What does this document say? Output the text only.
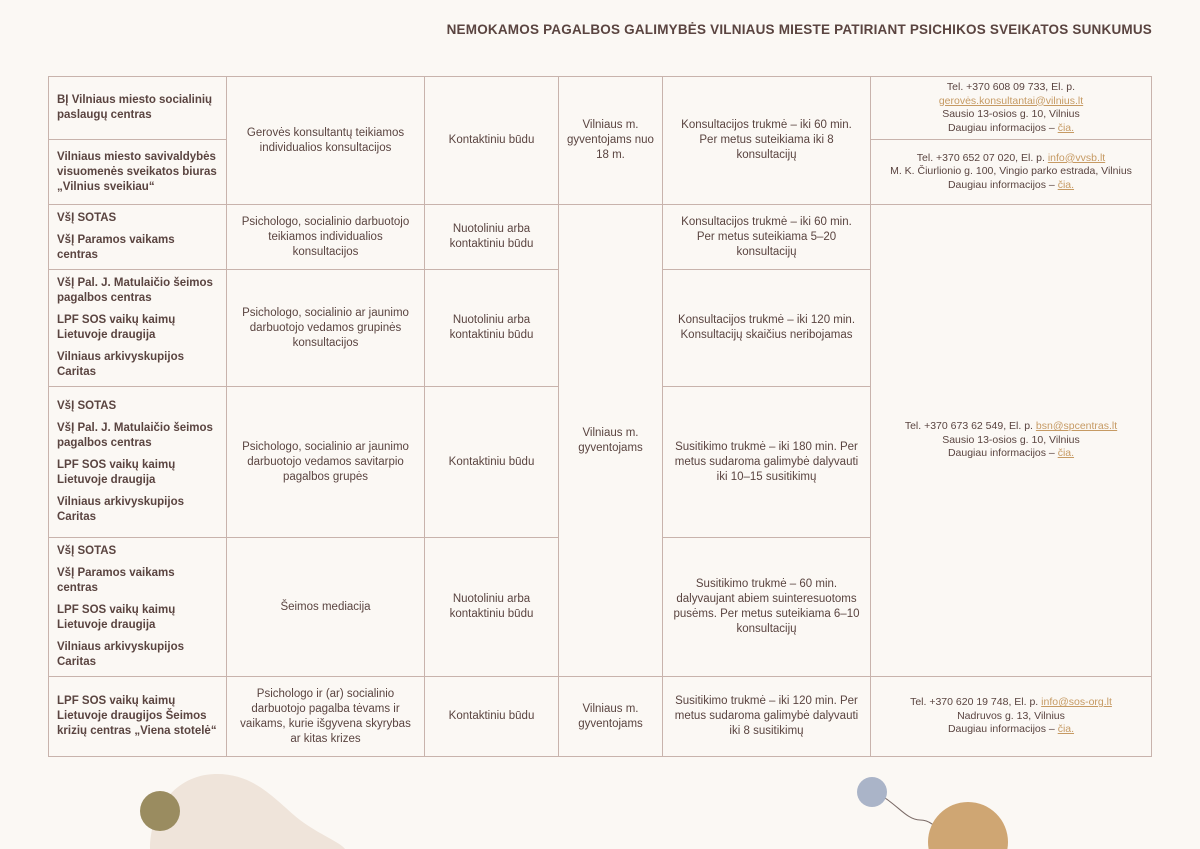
NEMOKAMOS PAGALBOS GALIMYBĖS VILNIAUS MIESTE PATIRIANT PSICHIKOS SVEIKATOS SUNKUMUS
BĮ Vilniaus miesto socialinių paslaugų centras	Gerovės konsultantų teikiamos individualios konsultacijos	Kontaktiniu būdu	Vilniaus m. gyventojams nuo 18 m.	Konsultacijos trukmė – iki 60 min. Per metus suteikiama iki 8 konsultacijų	Tel. +370 608 09 733, El. p. gerovės.konsultantai@vilnius.lt
Sausio 13-osios g. 10, Vilnius
Daugiau informacijos – čia.

Vilniaus miesto savivaldybės visuomenės sveikatos biuras „Vilnius sveikiau“					Tel. +370 652 07 020, El. p. info@vvsb.lt
M. K. Čiurlionio g. 100, Vingio parko estrada, Vilnius
Daugiau informacijos – čia.

VšĮ SOTAS
VšĮ Paramos vaikams centras	Psichologo, socialinio darbuotojo teikiamos individualios konsultacijos	Nuotoliniu arba kontaktiniu būdu	Vilniaus m. gyventojams	Konsultacijos trukmė – iki 60 min. Per metus suteikiama 5–20 konsultacijų	Tel. +370 673 62 549, El. p. bsn@spcentras.lt
Sausio 13-osios g. 10, Vilnius
Daugiau informacijos – čia.

VšĮ Pal. J. Matulaičio šeimos pagalbos centras
LPF SOS vaikų kaimų Lietuvoje draugija
Vilniaus arkivyskupijos Caritas	Psichologo, socialinio ar jaunimo darbuotojo vedamos grupinės konsultacijos	Nuotoliniu arba kontaktiniu būdu		Konsultacijos trukmė – iki 120 min. Konsultacijų skaičius neribojamas	

VšĮ SOTAS
VšĮ Pal. J. Matulaičio šeimos pagalbos centras
LPF SOS vaikų kaimų Lietuvoje draugija
Vilniaus arkivyskupijos Caritas	Psichologo, socialinio ar jaunimo darbuotojo vedamos savitarpio pagalbos grupės	Kontaktiniu būdu		Susitikimo trukmė – iki 180 min. Per metus sudaroma galimybė dalyvauti iki 10–15 susitikimų	

VšĮ SOTAS
VšĮ Paramos vaikams centras
LPF SOS vaikų kaimų Lietuvoje draugija
Vilniaus arkivyskupijos Caritas	Šeimos mediacija	Nuotoliniu arba kontaktiniu būdu		Susitikimo trukmė – 60 min. dalyvaujant abiem suinteresuotoms pusėms. Per metus suteikiama 6–10 konsultacijų	
LPF SOS vaikų kaimų Lietuvoje draugijos Šeimos krizių centras „Viena stotelė“	Psichologo ir (ar) socialinio darbuotojo pagalba tėvams ir vaikams, kurie išgyvena skyrybas ar kitas krizes	Kontaktiniu būdu	Vilniaus m. gyventojams	Susitikimo trukmė – iki 120 min. Per metus sudaroma galimybė dalyvauti iki 8 susitikimų	Tel. +370 620 19 748, El. p. info@sos-org.lt
Nadruvos g. 13, Vilnius
Daugiau informacijos – čia.
